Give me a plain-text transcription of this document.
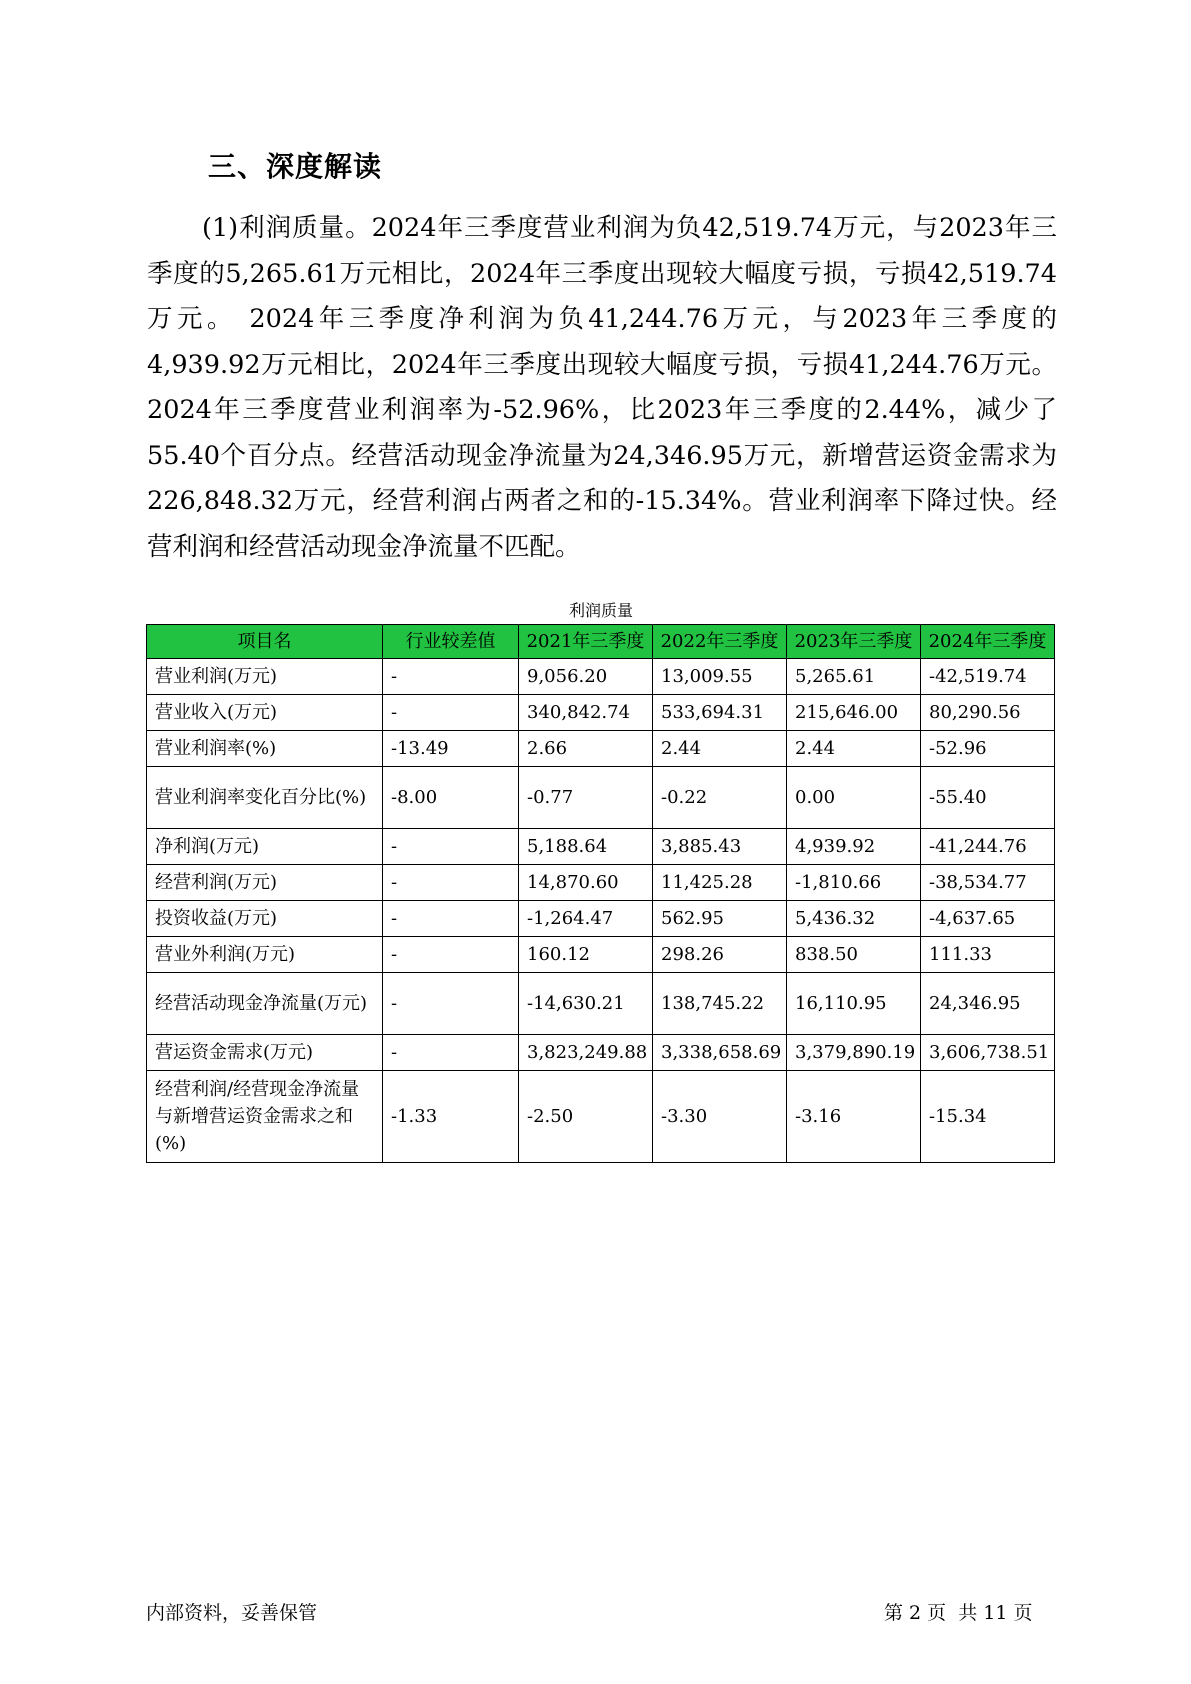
三、深度解读

(1)利润质量。2024年三季度营业利润为负42,519.74万元，与2023年三季度的5,265.61万元相比，2024年三季度出现较大幅度亏损，亏损42,519.74万元。 2024年三季度净利润为负41,244.76万元，与2023年三季度的4,939.92万元相比，2024年三季度出现较大幅度亏损，亏损41,244.76万元。 2024年三季度营业利润率为-52.96%，比2023年三季度的2.44%，减少了55.40个百分点。经营活动现金净流量为24,346.95万元，新增营运资金需求为226,848.32万元，经营利润占两者之和的-15.34%。营业利润率下降过快。经营利润和经营活动现金净流量不匹配。

利润质量
项目名	行业较差值	2021年三季度	2022年三季度	2023年三季度	2024年三季度
营业利润(万元)	-	9,056.20	13,009.55	5,265.61	-42,519.74
营业收入(万元)	-	340,842.74	533,694.31	215,646.00	80,290.56
营业利润率(%)	-13.49	2.66	2.44	2.44	-52.96
营业利润率变化百分比(%)	-8.00	-0.77	-0.22	0.00	-55.40
净利润(万元)	-	5,188.64	3,885.43	4,939.92	-41,244.76
经营利润(万元)	-	14,870.60	11,425.28	-1,810.66	-38,534.77
投资收益(万元)	-	-1,264.47	562.95	5,436.32	-4,637.65
营业外利润(万元)	-	160.12	298.26	838.50	111.33
经营活动现金净流量(万元)	-	-14,630.21	138,745.22	16,110.95	24,346.95
营运资金需求(万元)	-	3,823,249.88	3,338,658.69	3,379,890.19	3,606,738.51
经营利润/经营现金净流量与新增营运资金需求之和(%)	-1.33	-2.50	-3.30	-3.16	-15.34
内部资料，妥善保管	第 2 页  共 11 页
